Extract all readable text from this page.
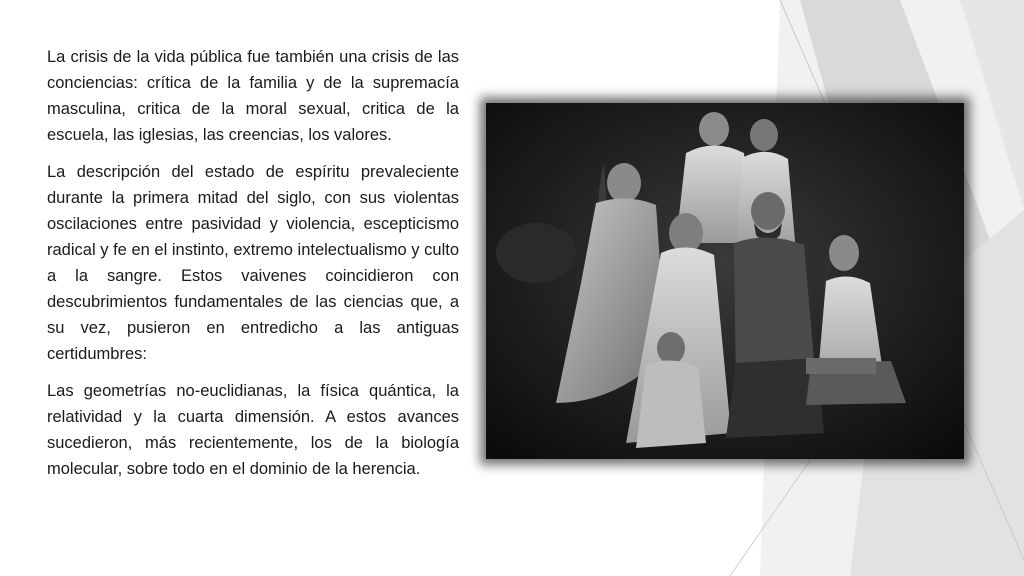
La crisis de la vida pública fue también una crisis de las conciencias: crítica de la familia y de la supremacía masculina, critica de la moral sexual, critica de la escuela, las iglesias, las creencias, los valores.

La descripción del estado de espíritu prevaleciente durante la primera mitad del siglo, con sus violentas oscilaciones entre pasividad y violencia, escepticismo radical y fe en el instinto, extremo intelectualismo y culto a la sangre. Estos vaivenes coincidieron con descubrimientos fundamentales de las ciencias que, a su vez, pusieron en entredicho a las antiguas certidumbres:

Las geometrías no-euclidianas, la física quántica, la relatividad y la cuarta dimensión. A estos avances sucedieron, más recientemente, los de la biología molecular, sobre todo en el dominio de la herencia.
